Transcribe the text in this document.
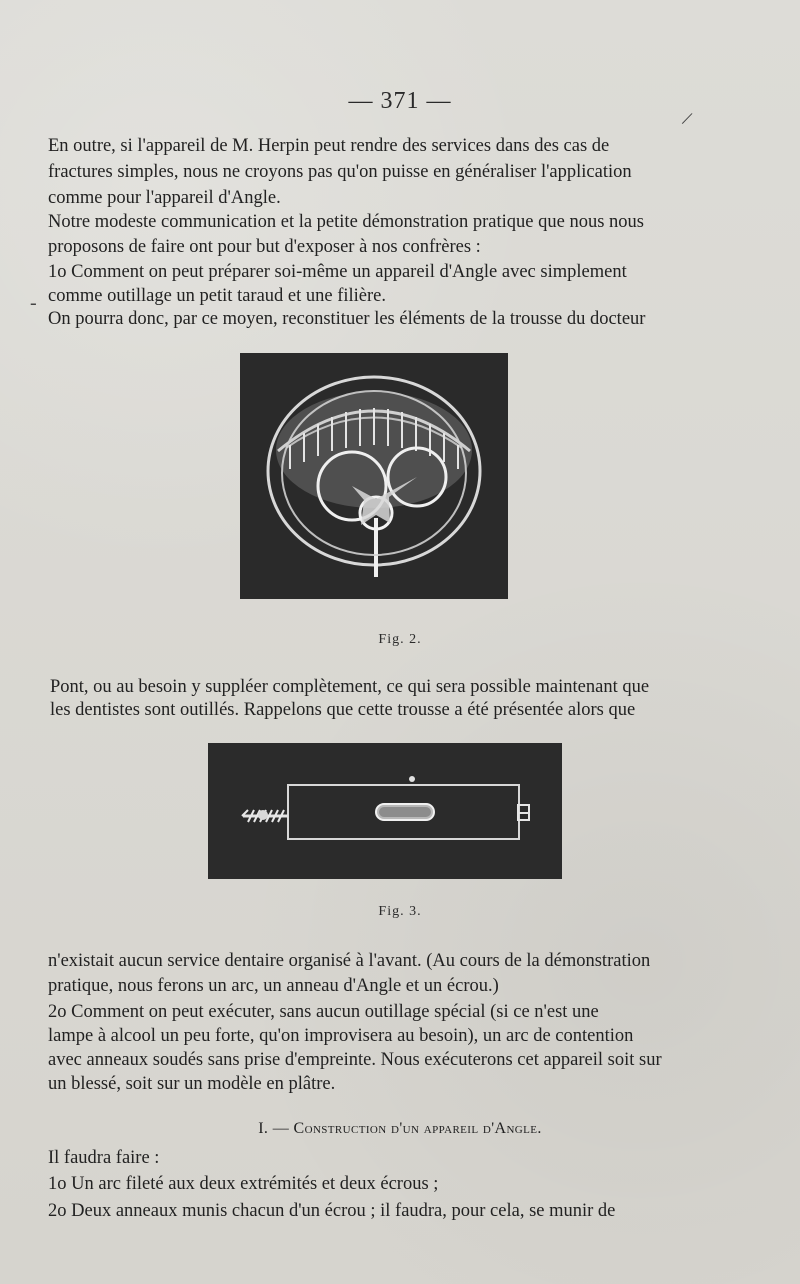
— 371 —
En outre, si l'appareil de M. Herpin peut rendre des services dans des cas de
fractures simples, nous ne croyons pas qu'on puisse en généraliser l'application
comme pour l'appareil d'Angle.
Notre modeste communication et la petite démonstration pratique que nous nous
proposons de faire ont pour but d'exposer à nos confrères :
1o Comment on peut préparer soi-même un appareil d'Angle avec simplement
comme outillage un petit taraud et une filière.
On pourra donc, par ce moyen, reconstituer les éléments de la trousse du docteur
Fig. 2.
Pont, ou au besoin y suppléer complètement, ce qui sera possible maintenant que
les dentistes sont outillés. Rappelons que cette trousse a été présentée alors que
Fig. 3.
n'existait aucun service dentaire organisé à l'avant. (Au cours de la démonstration
pratique, nous ferons un arc, un anneau d'Angle et un écrou.)
2o Comment on peut exécuter, sans aucun outillage spécial (si ce n'est une
lampe à alcool un peu forte, qu'on improvisera au besoin), un arc de contention
avec anneaux soudés sans prise d'empreinte. Nous exécuterons cet appareil soit sur
un blessé, soit sur un modèle en plâtre.
I. — Construction d'un appareil d'Angle.
Il faudra faire :
1o Un arc fileté aux deux extrémités et deux écrous ;
2o Deux anneaux munis chacun d'un écrou ; il faudra, pour cela, se munir de
-
/
